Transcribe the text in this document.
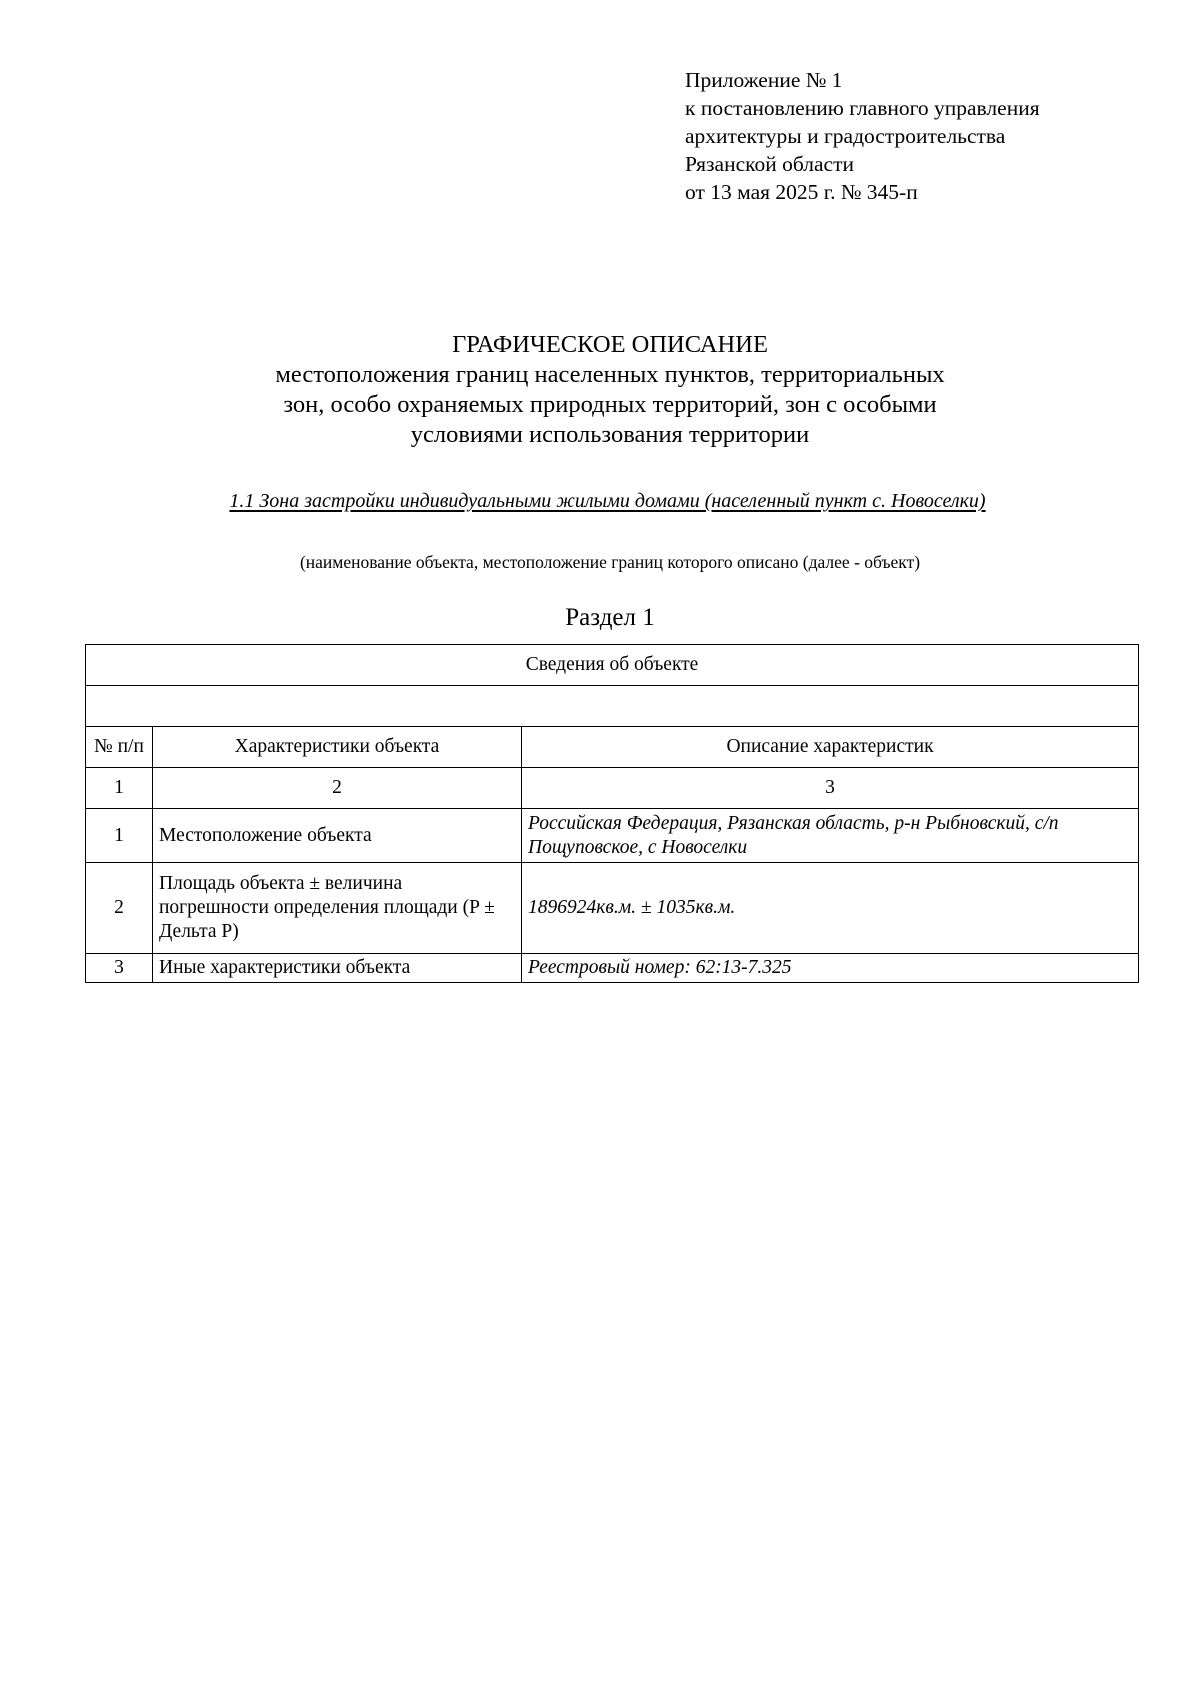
Приложение № 1
к постановлению главного управления
архитектуры и градостроительства
Рязанской области
от 13 мая 2025 г. № 345-п
ГРАФИЧЕСКОЕ ОПИСАНИЕ
местоположения границ населенных пунктов, территориальных
зон, особо охраняемых природных территорий, зон с особыми
условиями использования территории
1.1 Зона застройки индивидуальными жилыми домами (населенный пункт с. Новоселки)
(наименование объекта, местоположение границ которого описано (далее - объект)
Раздел 1
Сведения об объекте		

№ п/п	Характеристики объекта	Описание характеристик
1	2	3
1	Местоположение объекта	Российская Федерация, Рязанская область, р-н Рыбновский, с/п Пощуповское, с Новоселки
2	Площадь объекта ± величина погрешности определения площади (P ± Дельта P)	1896924кв.м. ± 1035кв.м.
3	Иные характеристики объекта	Реестровый номер: 62:13-7.325
